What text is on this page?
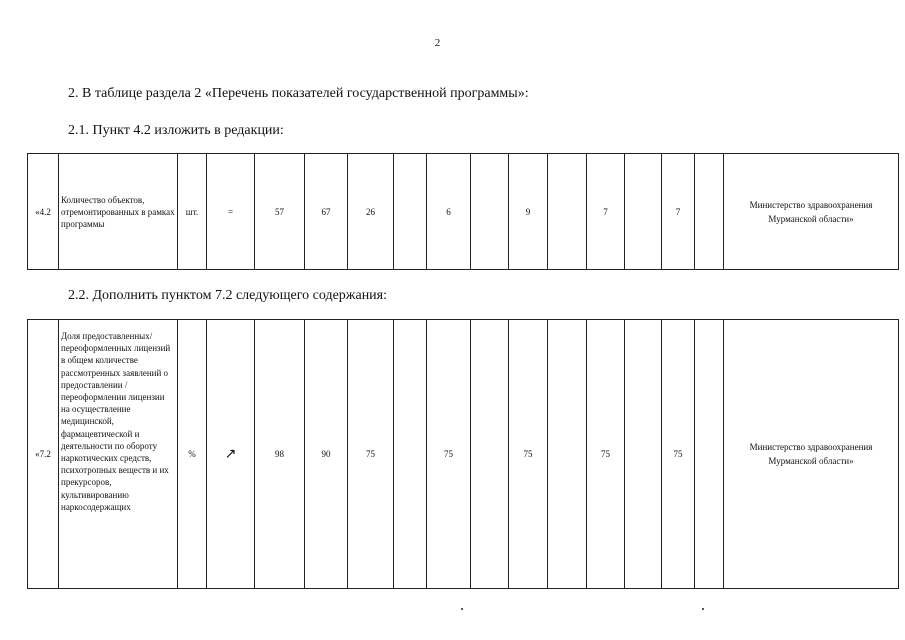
2
2. В таблице раздела 2 «Перечень показателей государственной программы»:
2.1. Пункт 4.2 изложить в редакции:
«4.2	Количество объектов, отремонтированных в рамках программы	шт.	=	57	67	26		6		9		7		7		Министерство здравоохранения Мурманской области»
2.2. Дополнить пунктом 7.2 следующего содержания:
«7.2	Доля предоставленных/ переоформленных лицензий в общем количестве рассмотренных заявлений о предоставлении / переоформлении лицензии на осуществление медицинской, фармацевтической и деятельности по обороту наркотических средств, психотропных веществ и их прекурсоров, культивированию наркосодержащих	%	↗	98	90	75		75		75		75		75		Министерство здравоохранения Мурманской области»
